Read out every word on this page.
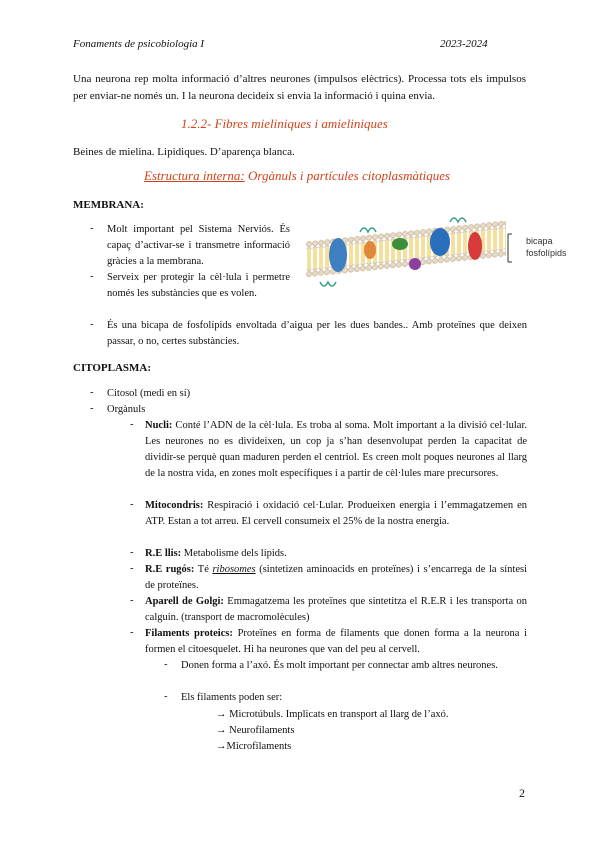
Fonaments de psicobiologia I	2023-2024

Una neurona rep molta informació d’altres neurones (impulsos elèctrics). Processa tots els impulsos per enviar-ne només un. I la neurona decideix si envia la informació i quina envia.

1.2.2- Fibres mieliniques i amieliniques
Beines de mielina. Lipidiques. D’aparença blanca.
Estructura interna: Orgànuls i partícules citoplasmàtiques
MEMBRANA:
- Molt important pel Sistema Nerviós. És capaç d’activar-se i transmetre informació gràcies a la membrana.
- Serveix per protegir la cèl·lula i permetre només les substàncies que es volen.
- És una bicapa de fosfolípids envoltada d’aigua per les dues bandes.. Amb proteïnes que deixen passar, o no, certes substàncies.
bicapa
fosfolípids
CITOPLASMA:
- Citosol (medi en sí)
- Orgànuls
- Nucli: Conté l’ADN de la cèl·lula. Es troba al soma. Molt important a la divisió cel·lular. Les neurones no es divideixen, un cop ja s’han desenvolupat perden la capacitat de dividir-se perquè quan maduren perden el centriol. Es creen molt poques neurones al llarg de la nostra vida, en zones molt específiques i a partir de cèl·lules mare precursores.
- Mitocondris: Respiració i oxidació cel·Lular. Produeixen energia i l’emmagatzemen en ATP. Estan a tot arreu. El cervell consumeix el 25% de la nostra energia.
- R.E llis: Metabolisme dels lípids.
- R.E rugós: Té ribosomes (sintetizen aminoacids en proteïnes) i s’encarrega de la síntesi de proteïnes.
- Aparell de Golgi: Emmagatzema les proteïnes que sintetitza el R.E.R i les transporta on calguin. (transport de macromolècules)
- Filaments proteics: Proteïnes en forma de filaments que donen forma a la neurona i formen el citoesquelet. Hi ha neurones que van del peu al cervell.
- Donen forma a l’axó. És molt important per connectar amb altres neurones.
- Els filaments poden ser:
→ Microtúbuls. Implicats en transport al llarg de l’axó.
→ Neurofilaments
→Microfilaments
2
